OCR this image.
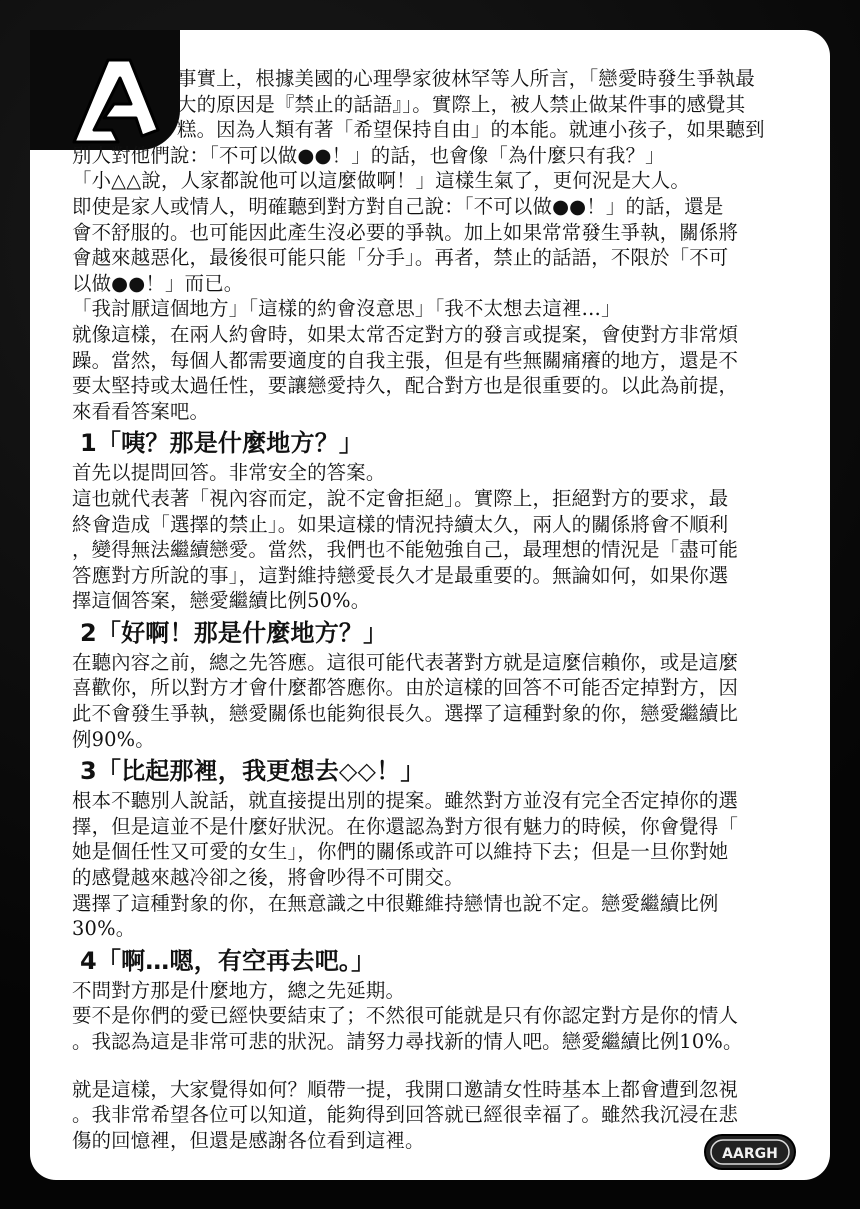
事實上，根據美國的心理學家彼林罕等人所言，「戀愛時發生爭執最

大的原因是『禁止的話語』」。實際上，被人禁止做某件事的感覺其

糕。因為人類有著「希望保持自由」的本能。就連小孩子，如果聽到

別人對他們說：「不可以做●●！」的話，也會像「為什麼只有我？」

「小△△說，人家都說他可以這麼做啊！」這樣生氣了，更何況是大人。

即使是家人或情人，明確聽到對方對自己說：「不可以做●●！」的話，還是

會不舒服的。也可能因此產生沒必要的爭執。加上如果常常發生爭執，關係將

會越來越惡化，最後很可能只能「分手」。再者，禁止的話語，不限於「不可

以做●●！」而已。

「我討厭這個地方」「這樣的約會沒意思」「我不太想去這裡…」

就像這樣，在兩人約會時，如果太常否定對方的發言或提案，會使對方非常煩

躁。當然，每個人都需要適度的自我主張，但是有些無關痛癢的地方，還是不

要太堅持或太過任性，要讓戀愛持久，配合對方也是很重要的。以此為前提，

來看看答案吧。

1「咦？那是什麼地方？」

首先以提問回答。非常安全的答案。

這也就代表著「視內容而定，說不定會拒絕」。實際上，拒絕對方的要求，最

終會造成「選擇的禁止」。如果這樣的情況持續太久，兩人的關係將會不順利

，變得無法繼續戀愛。當然，我們也不能勉強自己，最理想的情況是「盡可能

答應對方所說的事」，這對維持戀愛長久才是最重要的。無論如何，如果你選

擇這個答案，戀愛繼續比例50%。

2「好啊！那是什麼地方？」

在聽內容之前，總之先答應。這很可能代表著對方就是這麼信賴你，或是這麼

喜歡你，所以對方才會什麼都答應你。由於這樣的回答不可能否定掉對方，因

此不會發生爭執，戀愛關係也能夠很長久。選擇了這種對象的你，戀愛繼續比

例90%。

3「比起那裡，我更想去◇◇！」

根本不聽別人說話，就直接提出別的提案。雖然對方並沒有完全否定掉你的選

擇，但是這並不是什麼好狀況。在你還認為對方很有魅力的時候，你會覺得「

她是個任性又可愛的女生」，你們的關係或許可以維持下去；但是一旦你對她

的感覺越來越冷卻之後，將會吵得不可開交。

選擇了這種對象的你，在無意識之中很難維持戀情也說不定。戀愛繼續比例

30%。

4「啊…嗯，有空再去吧。」

不問對方那是什麼地方，總之先延期。

要不是你們的愛已經快要結束了；不然很可能就是只有你認定對方是你的情人

。我認為這是非常可悲的狀況。請努力尋找新的情人吧。戀愛繼續比例10%。

就是這樣，大家覺得如何？順帶一提，我開口邀請女性時基本上都會遭到忽視

。我非常希望各位可以知道，能夠得到回答就已經很幸福了。雖然我沉浸在悲

傷的回憶裡，但還是感謝各位看到這裡。

AARGH
